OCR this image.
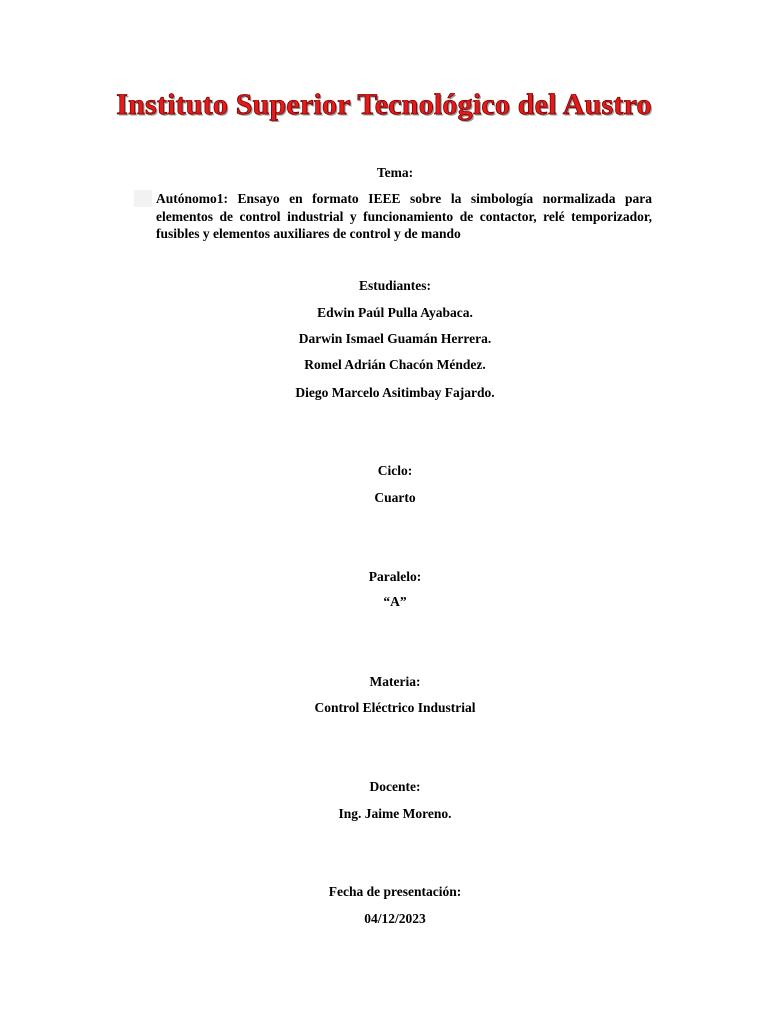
Instituto Superior Tecnológico del Austro

Tema:

Autónomo1: Ensayo en formato IEEE sobre la simbología normalizada para elementos de control industrial y funcionamiento de contactor, relé temporizador, fusibles y elementos auxiliares de control y de mando

Estudiantes:

Edwin Paúl Pulla Ayabaca.

Darwin Ismael Guamán Herrera.

Romel Adrián Chacón Méndez.

Diego Marcelo Asitimbay Fajardo.

Ciclo:

Cuarto

Paralelo:

“A”

Materia:

Control Eléctrico Industrial

Docente:

Ing. Jaime Moreno.

Fecha de presentación:

04/12/2023
